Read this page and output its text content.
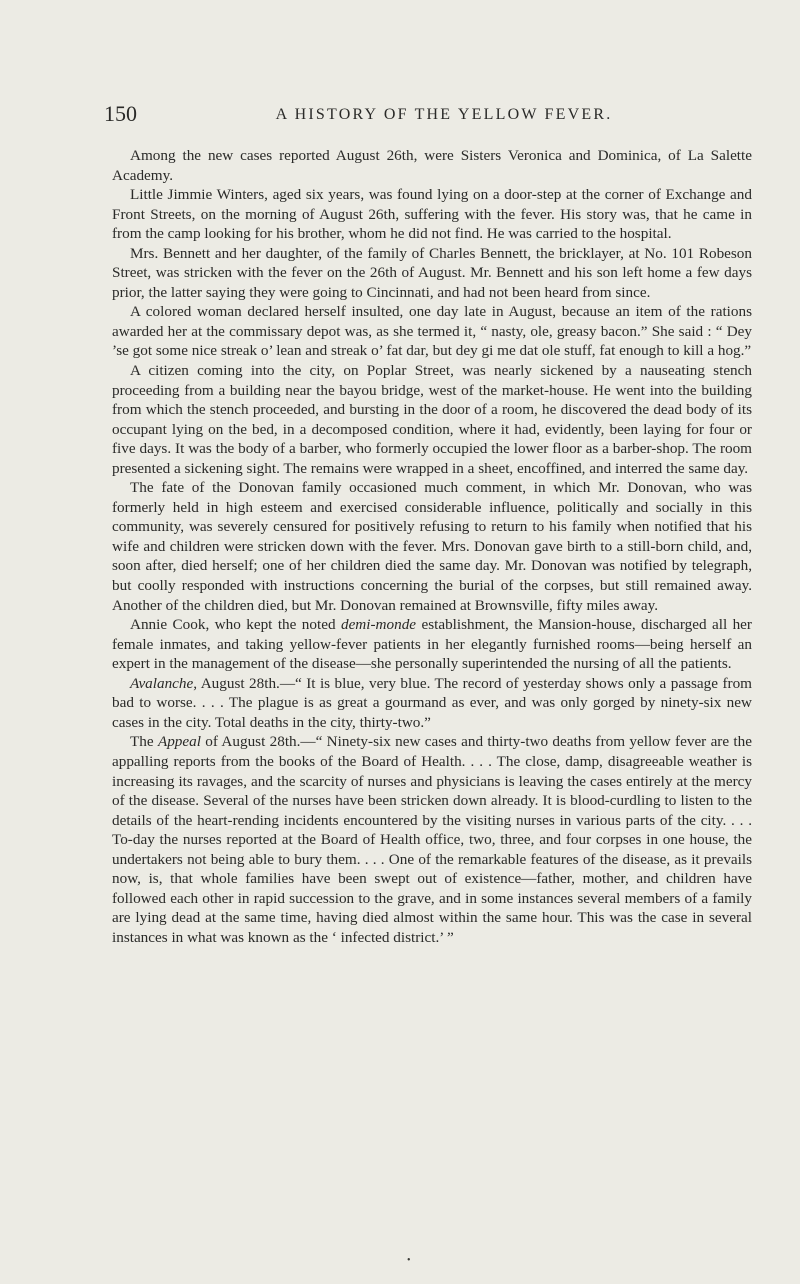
150	A HISTORY OF THE YELLOW FEVER.

Among the new cases reported August 26th, were Sisters Veronica and Dominica, of La Salette Academy.

Little Jimmie Winters, aged six years, was found lying on a door-step at the corner of Exchange and Front Streets, on the morning of August 26th, suffering with the fever. His story was, that he came in from the camp looking for his brother, whom he did not find. He was carried to the hospital.

Mrs. Bennett and her daughter, of the family of Charles Bennett, the bricklayer, at No. 101 Robeson Street, was stricken with the fever on the 26th of August. Mr. Bennett and his son left home a few days prior, the latter saying they were going to Cincinnati, and had not been heard from since.

A colored woman declared herself insulted, one day late in August, because an item of the rations awarded her at the commissary depot was, as she termed it, “ nasty, ole, greasy bacon.” She said : “ Dey ’se got some nice streak o’ lean and streak o’ fat dar, but dey gi me dat ole stuff, fat enough to kill a hog.”

A citizen coming into the city, on Poplar Street, was nearly sickened by a nauseating stench proceeding from a building near the bayou bridge, west of the market-house. He went into the building from which the stench proceeded, and bursting in the door of a room, he discovered the dead body of its occupant lying on the bed, in a decomposed condition, where it had, evidently, been laying for four or five days. It was the body of a barber, who formerly occupied the lower floor as a barber-shop. The room presented a sickening sight. The remains were wrapped in a sheet, encoffined, and interred the same day.

The fate of the Donovan family occasioned much comment, in which Mr. Donovan, who was formerly held in high esteem and exercised considerable influence, politically and socially in this community, was severely censured for positively refusing to return to his family when notified that his wife and children were stricken down with the fever. Mrs. Donovan gave birth to a still-born child, and, soon after, died herself; one of her children died the same day. Mr. Donovan was notified by telegraph, but coolly responded with instructions concerning the burial of the corpses, but still remained away. Another of the children died, but Mr. Donovan remained at Brownsville, fifty miles away.

Annie Cook, who kept the noted demi-monde establishment, the Mansion-house, discharged all her female inmates, and taking yellow-fever patients in her elegantly furnished rooms—being herself an expert in the management of the disease—she personally superintended the nursing of all the patients.

Avalanche, August 28th.—“ It is blue, very blue. The record of yesterday shows only a passage from bad to worse. . . . The plague is as great a gourmand as ever, and was only gorged by ninety-six new cases in the city. Total deaths in the city, thirty-two.”

The Appeal of August 28th.—“ Ninety-six new cases and thirty-two deaths from yellow fever are the appalling reports from the books of the Board of Health. . . . The close, damp, disagreeable weather is increasing its ravages, and the scarcity of nurses and physicians is leaving the cases entirely at the mercy of the disease. Several of the nurses have been stricken down already. It is blood-curdling to listen to the details of the heart-rending incidents encountered by the visiting nurses in various parts of the city. . . . To-day the nurses reported at the Board of Health office, two, three, and four corpses in one house, the undertakers not being able to bury them. . . . One of the remarkable features of the disease, as it prevails now, is, that whole families have been swept out of existence—father, mother, and children have followed each other in rapid succession to the grave, and in some instances several members of a family are lying dead at the same time, having died almost within the same hour. This was the case in several instances in what was known as the ‘ infected district.’ ”

•
